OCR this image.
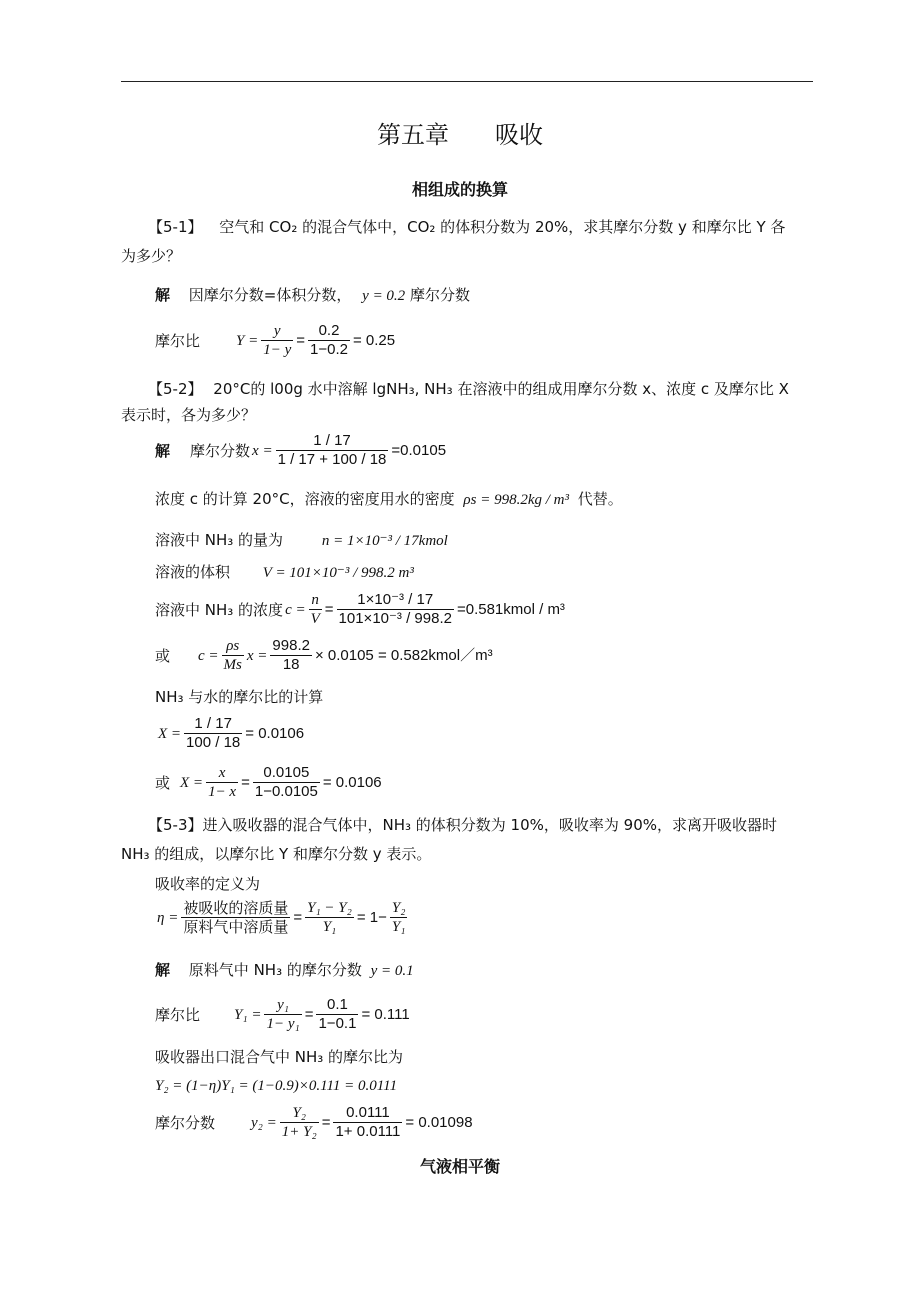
第五章 吸收
相组成的换算
【5-1】 空气和 CO₂ 的混合气体中，CO₂ 的体积分数为 20%，求其摩尔分数 y 和摩尔比 Y 各
为多少？
解 因摩尔分数=体积分数， y = 0.2 摩尔分数
摩尔比 $Y = \frac{y}{1- y} = \frac{0.2}{1-0.2} = 0.25$
【5-2】 20°C的 l00g 水中溶解 lgNH₃, NH₃ 在溶液中的组成用摩尔分数 x、浓度 c 及摩尔比 X
表示时，各为多少？
解 摩尔分数 $x = \frac{1 / 17}{1 / 17 + 100 / 18} =0.0105$
浓度 c 的计算 20°C，溶液的密度用水的密度 ρs = 998.2kg / m³ 代替。
溶液中 NH₃ 的量为	n = 1×10⁻³ / 17kmol
溶液的体积 V = 101×10⁻³ / 998.2 m³
溶液中 NH₃ 的浓度 $c = \frac{n}{V} = \frac{\text{1×10⁻³ / 17}}{\text{101×10⁻³ / 998.2}}$ =0.581kmol / m³
或 $c = \frac{\rho s}{Ms}$ $x = \frac{998.2}{18} \times 0.0105$ = 0.582kmol／m³
NH₃ 与水的摩尔比的计算
$X = \frac{1 / 17}{100 / 18} = 0.0106$
或 $X = \frac{x}{1- x} = \frac{0.0105}{1-0.0105} = 0.0106$
【5-3】进入吸收器的混合气体中，NH₃ 的体积分数为 10%，吸收率为 90%，求离开吸收器时
NH₃ 的组成，以摩尔比 Y 和摩尔分数 y 表示。
吸收率的定义为
$\eta = \frac{\text{被吸收的溶质量}}{\text{原料气中溶质量}} = \frac{\text{Y₁ − Y₂}}{\text{Y₁}} = 1- \frac{\text{Y₂}}{\text{Y₁}}$
解 原料气中 NH₃ 的摩尔分数 y = 0.1
摩尔比 $Y_1 = \frac{\text{y₁}}{\text{1− y₁}} = \frac{0.1}{1-0.1} = 0.111$
吸收器出口混合气中 NH₃ 的摩尔比为
Y₂ = (1−η)Y₁ = (1−0.9)×0.111 = 0.0111
摩尔分数 $y_2 = \frac{\text{Y₂}}{\text{1+ Y₂}} = \frac{0.0111}{1+ 0.0111} = 0.01098$
气液相平衡
